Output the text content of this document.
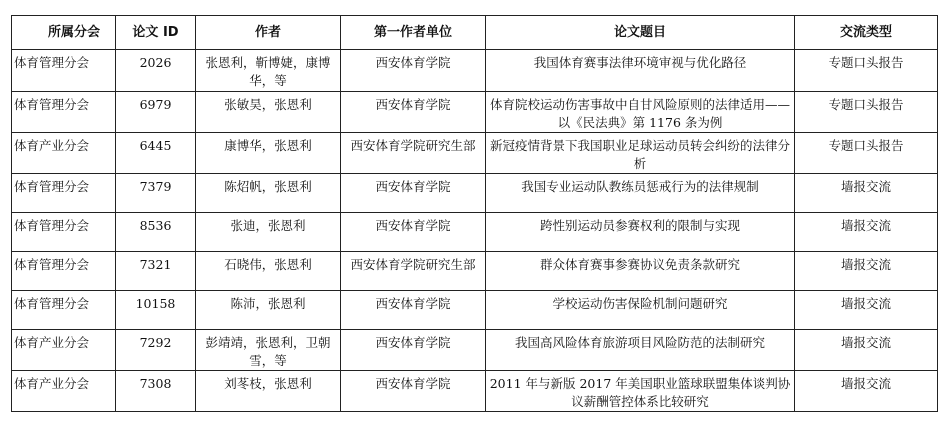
所属分会	论文 ID	作者	第一作者单位	论文题目	交流类型
体育管理分会	2026	张恩利，靳博婕，康博华，等	西安体育学院	我国体育赛事法律环境审视与优化路径	专题口头报告
体育管理分会	6979	张敏昊，张恩利	西安体育学院	体育院校运动伤害事故中自甘风险原则的法律适用——以《民法典》第 1176 条为例	专题口头报告
体育产业分会	6445	康博华，张恩利	西安体育学院研究生部	新冠疫情背景下我国职业足球运动员转会纠纷的法律分析	专题口头报告
体育管理分会	7379	陈炤帆，张恩利	西安体育学院	我国专业运动队教练员惩戒行为的法律规制	墙报交流
体育管理分会	8536	张迪，张恩利	西安体育学院	跨性别运动员参赛权利的限制与实现	墙报交流
体育管理分会	7321	石晓伟，张恩利	西安体育学院研究生部	群众体育赛事参赛协议免责条款研究	墙报交流
体育管理分会	10158	陈沛，张恩利	西安体育学院	学校运动伤害保险机制问题研究	墙报交流
体育产业分会	7292	彭靖靖，张恩利，卫朝雪，等	西安体育学院	我国高风险体育旅游项目风险防范的法制研究	墙报交流
体育产业分会	7308	刘苳枝，张恩利	西安体育学院	2011 年与新版 2017 年美国职业篮球联盟集体谈判协议薪酬管控体系比较研究	墙报交流
